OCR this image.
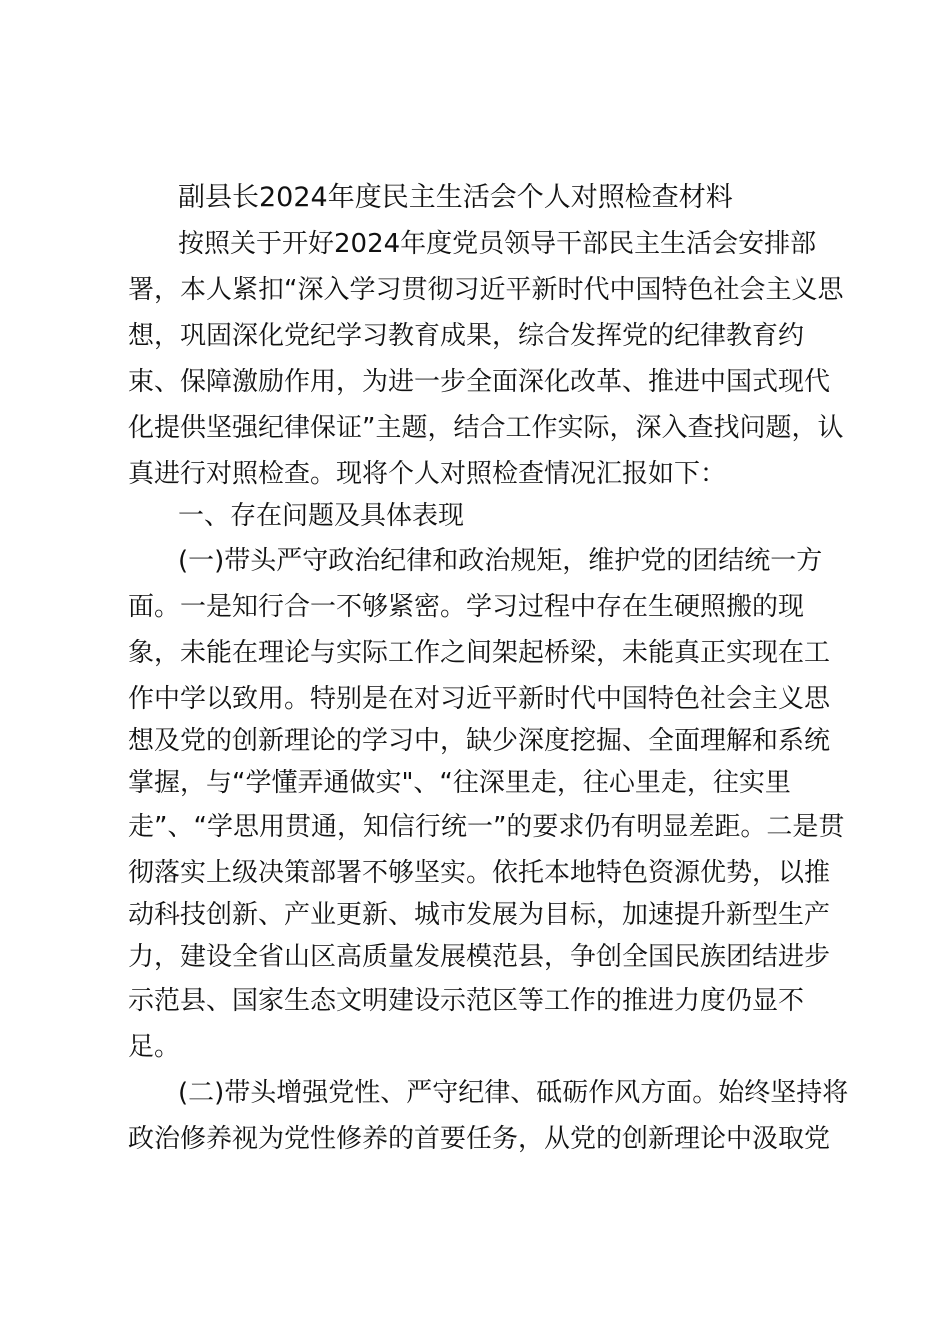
副县长2024年度民主生活会个人对照检查材料
按照关于开好2024年度党员领导干部民主生活会安排部
署，本人紧扣“深入学习贯彻习近平新时代中国特色社会主义思
想，巩固深化党纪学习教育成果，综合发挥党的纪律教育约
束、保障激励作用，为进一步全面深化改革、推进中国式现代
化提供坚强纪律保证”主题，结合工作实际，深入查找问题，认
真进行对照检查。现将个人对照检查情况汇报如下：
一、存在问题及具体表现
(一)带头严守政治纪律和政治规矩，维护党的团结统一方
面。一是知行合一不够紧密。学习过程中存在生硬照搬的现
象，未能在理论与实际工作之间架起桥梁，未能真正实现在工
作中学以致用。特别是在对习近平新时代中国特色社会主义思
想及党的创新理论的学习中，缺少深度挖掘、全面理解和系统
掌握，与“学懂弄通做实"、“往深里走，往心里走，往实里
走”、“学思用贯通，知信行统一”的要求仍有明显差距。二是贯
彻落实上级决策部署不够坚实。依托本地特色资源优势，以推
动科技创新、产业更新、城市发展为目标，加速提升新型生产
力，建设全省山区高质量发展模范县，争创全国民族团结进步
示范县、国家生态文明建设示范区等工作的推进力度仍显不
足。
(二)带头增强党性、严守纪律、砥砺作风方面。始终坚持将
政治修养视为党性修养的首要任务，从党的创新理论中汲取党
